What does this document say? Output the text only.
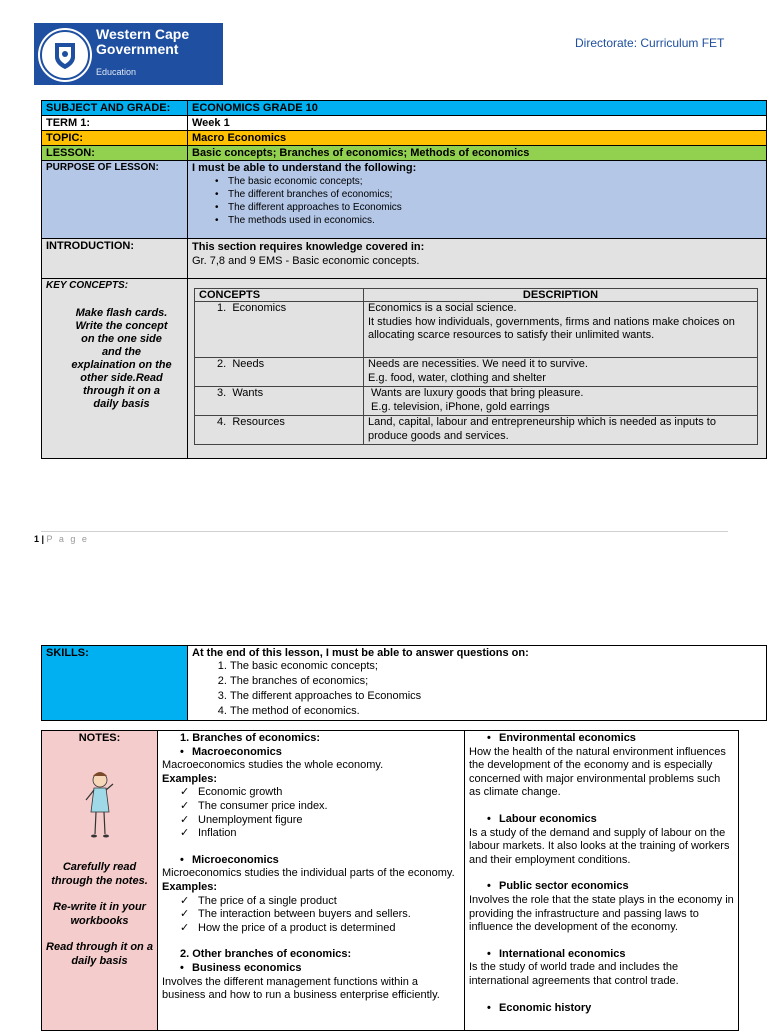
Western Cape
Government
Education
Directorate: Curriculum FET
SUBJECT AND GRADE:	ECONOMICS GRADE 10
TERM 1:	Week 1
TOPIC:	Macro Economics
LESSON:	Basic concepts; Branches of economics; Methods of economics
PURPOSE OF LESSON:	I must be able to understand the following:
• The basic economic concepts;
• The different branches of economics;
• The different approaches to Economics
• The methods used in economics.

INTRODUCTION:	This section requires knowledge covered in:
Gr. 7,8 and 9 EMS - Basic economic concepts.

KEY CONCEPTS:
Make flash cards. Write the concept on the one side and the explaination on the other side.Read through it on a daily basis

CONCEPTS	DESCRIPTION
1. Economics	Economics is a social science.
It studies how individuals, governments, firms and nations make choices on allocating scarce resources to satisfy their unlimited wants.

2. Needs	Needs are necessities. We need it to survive.
E.g. food, water, clothing and shelter

3. Wants	Wants are luxury goods that bring pleasure.
E.g. television, iPhone, gold earrings

4. Resources	Land, capital, labour and entrepreneurship which is needed as inputs to produce goods and services.
1 | P a g e
SKILLS:	At the end of this lesson, I must be able to answer questions on:
1. The basic economic concepts;
2. The branches of economics;
3. The different approaches to Economics
4. The method of economics.
NOTES:
Carefully read through the notes.
Re-write it in your workbooks
Read through it on a daily basis

1. Branches of economics:
• Macroeconomics
Macroeconomics studies the whole economy.
Examples:
✓ Economic growth
✓ The consumer price index.
✓ Unemployment figure
✓ Inflation
• Microeconomics
Microeconomics studies the individual parts of the economy.
Examples:
✓ The price of a single product
✓ The interaction between buyers and sellers.
✓ How the price of a product is determined
2. Other branches of economics:
• Business economics
Involves the different management functions within a business and how to run a business enterprise efficiently.

• Environmental economics
How the health of the natural environment influences the development of the economy and is especially concerned with major environmental problems such as climate change.
• Labour economics
Is a study of the demand and supply of labour on the labour markets. It also looks at the training of workers and their employment conditions.
• Public sector economics
Involves the role that the state plays in the economy in providing the infrastructure and passing laws to influence the development of the economy.
• International economics
Is the study of world trade and includes the international agreements that control trade.
• Economic history
